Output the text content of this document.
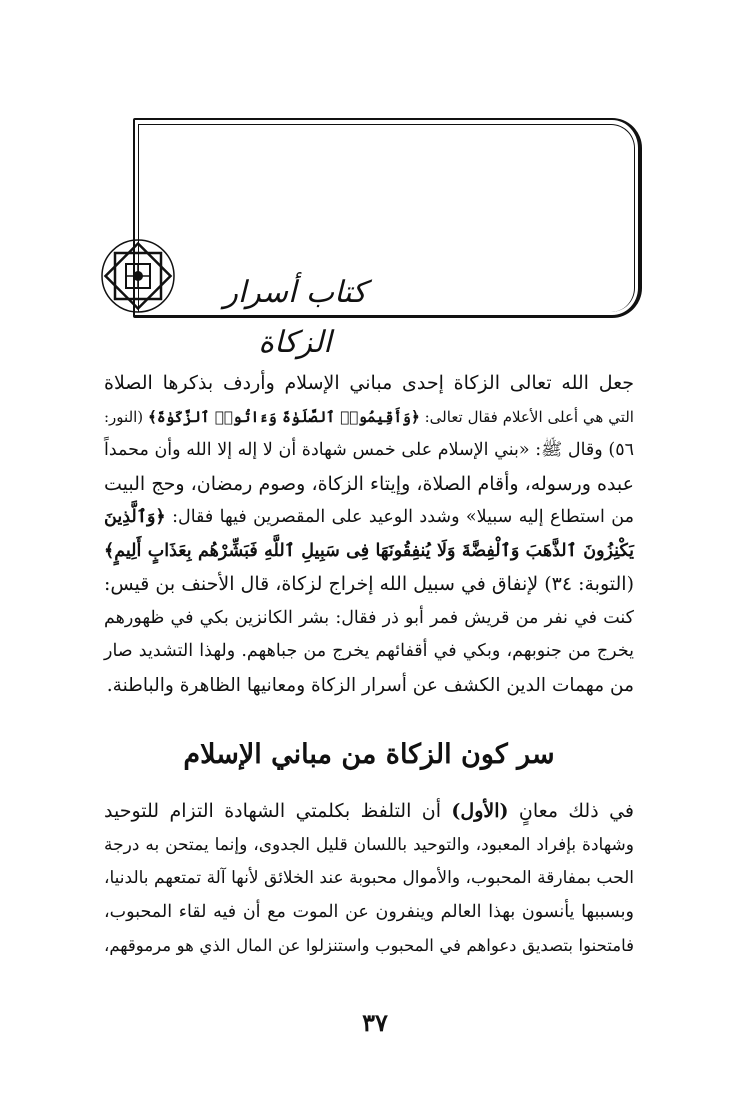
كتاب أسرار الزكاة
جعل الله تعالى الزكاة إحدى مباني الإسلام وأردف بذكرها الصلاة
التي هي أعلى الأعلام فقال تعالى: ﴿وَأَقِيمُوا۟ ٱلصَّلَوٰةَ وَءَاتُوا۟ ٱلزَّكَوٰةَ﴾ (النور:
٥٦) وقال ﷺ: «بني الإسلام على خمس شهادة أن لا إله إلا الله وأن محمداً
عبده ورسوله، وأقام الصلاة، وإيتاء الزكاة، وصوم رمضان، وحج البيت
من استطاع إليه سبيلا» وشدد الوعيد على المقصرين فيها فقال: ﴿وَٱلَّذِينَ
يَكْنِزُونَ ٱلذَّهَبَ وَٱلْفِضَّةَ وَلَا يُنفِقُونَهَا فِى سَبِيلِ ٱللَّهِ فَبَشِّرْهُم بِعَذَابٍ أَلِيمٍ﴾
(التوبة: ٣٤) لإنفاق في سبيل الله إخراج لزكاة، قال الأحنف بن قيس:
كنت في نفر من قريش فمر أبو ذر فقال: بشر الكانزين بكي في ظهورهم
يخرج من جنوبهم، وبكي في أقفائهم يخرج من جباههم. ولهذا التشديد صار
من مهمات الدين الكشف عن أسرار الزكاة ومعانيها الظاهرة والباطنة.
سر كون الزكاة من مباني الإسلام
في ذلك معانٍ (الأول) أن التلفظ بكلمتي الشهادة التزام للتوحيد
وشهادة بإفراد المعبود، والتوحيد باللسان قليل الجدوى، وإنما يمتحن به درجة
الحب بمفارقة المحبوب، والأموال محبوبة عند الخلائق لأنها آلة تمتعهم بالدنيا،
وبسببها يأنسون بهذا العالم وينفرون عن الموت مع أن فيه لقاء المحبوب،
فامتحنوا بتصديق دعواهم في المحبوب واستنزلوا عن المال الذي هو مرموقهم،

٣٧
